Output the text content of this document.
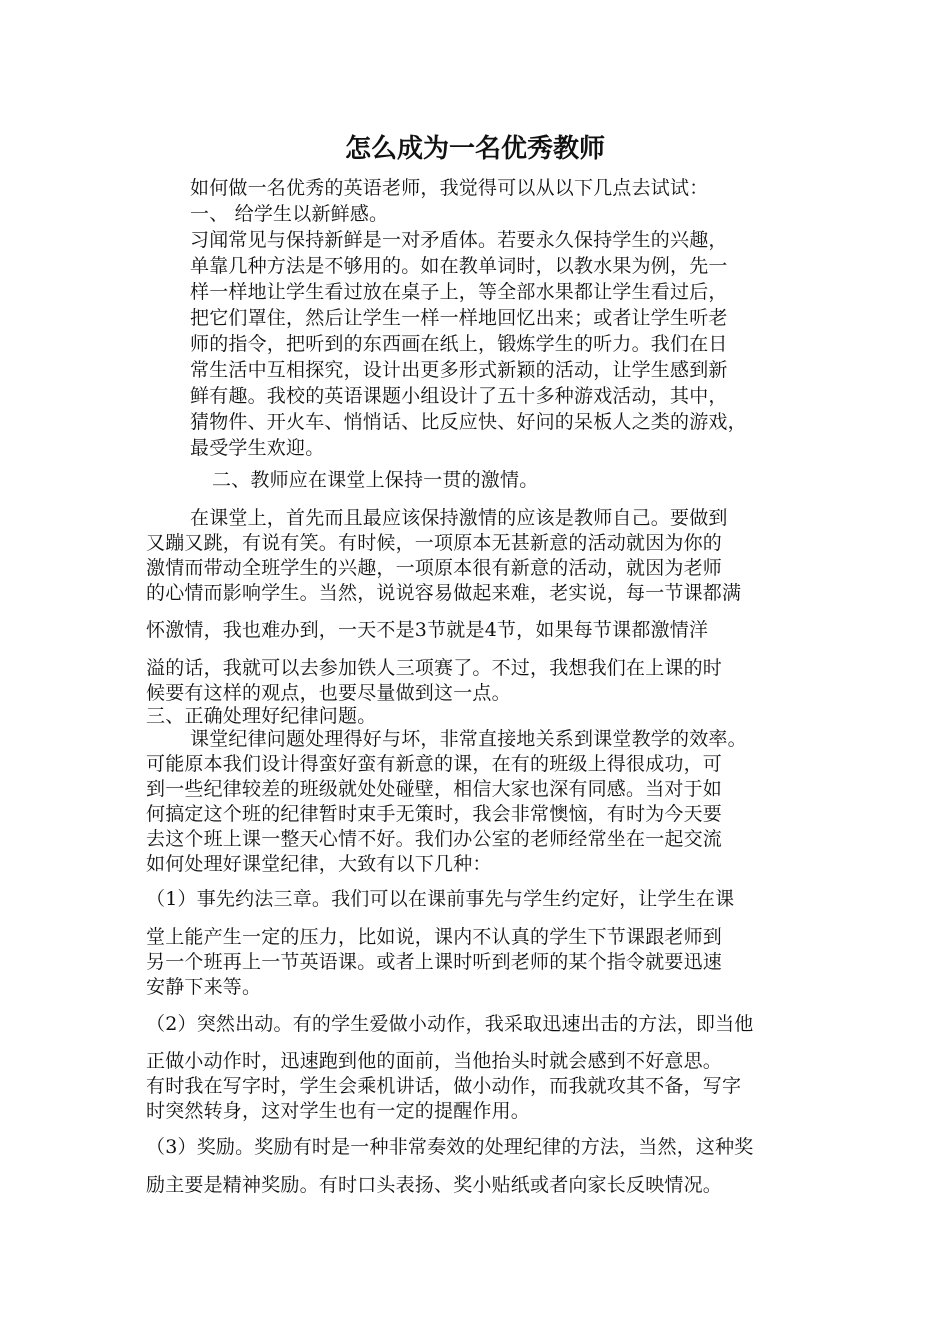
怎么成为一名优秀教师
如何做一名优秀的英语老师，我觉得可以从以下几点去试试：
一、 给学生以新鲜感。
习闻常见与保持新鲜是一对矛盾体。若要永久保持学生的兴趣，
单靠几种方法是不够用的。如在教单词时，以教水果为例，先一
样一样地让学生看过放在桌子上，等全部水果都让学生看过后，
把它们罩住，然后让学生一样一样地回忆出来；或者让学生听老
师的指令，把听到的东西画在纸上，锻炼学生的听力。我们在日
常生活中互相探究，设计出更多形式新颖的活动，让学生感到新
鲜有趣。我校的英语课题小组设计了五十多种游戏活动，其中，
猜物件、开火车、悄悄话、比反应快、好问的呆板人之类的游戏，
最受学生欢迎。
二、教师应在课堂上保持一贯的激情。
在课堂上，首先而且最应该保持激情的应该是教师自己。要做到
又蹦又跳，有说有笑。有时候，一项原本无甚新意的活动就因为你的
激情而带动全班学生的兴趣，一项原本很有新意的活动，就因为老师
的心情而影响学生。当然，说说容易做起来难，老实说，每一节课都满
怀激情，我也难办到，一天不是3节就是4节，如果每节课都激情洋
溢的话，我就可以去参加铁人三项赛了。不过，我想我们在上课的时
候要有这样的观点，也要尽量做到这一点。
三、正确处理好纪律问题。
课堂纪律问题处理得好与坏，非常直接地关系到课堂教学的效率。
可能原本我们设计得蛮好蛮有新意的课，在有的班级上得很成功，可
到一些纪律较差的班级就处处碰壁，相信大家也深有同感。当对于如
何搞定这个班的纪律暂时束手无策时，我会非常懊恼，有时为今天要
去这个班上课一整天心情不好。我们办公室的老师经常坐在一起交流
如何处理好课堂纪律，大致有以下几种：
（1）事先约法三章。我们可以在课前事先与学生约定好，让学生在课
堂上能产生一定的压力，比如说，课内不认真的学生下节课跟老师到
另一个班再上一节英语课。或者上课时听到老师的某个指令就要迅速
安静下来等。
（2）突然出动。有的学生爱做小动作，我采取迅速出击的方法，即当他
正做小动作时，迅速跑到他的面前，当他抬头时就会感到不好意思。
有时我在写字时，学生会乘机讲话，做小动作，而我就攻其不备，写字
时突然转身，这对学生也有一定的提醒作用。
（3）奖励。奖励有时是一种非常奏效的处理纪律的方法，当然，这种奖
励主要是精神奖励。有时口头表扬、奖小贴纸或者向家长反映情况。
